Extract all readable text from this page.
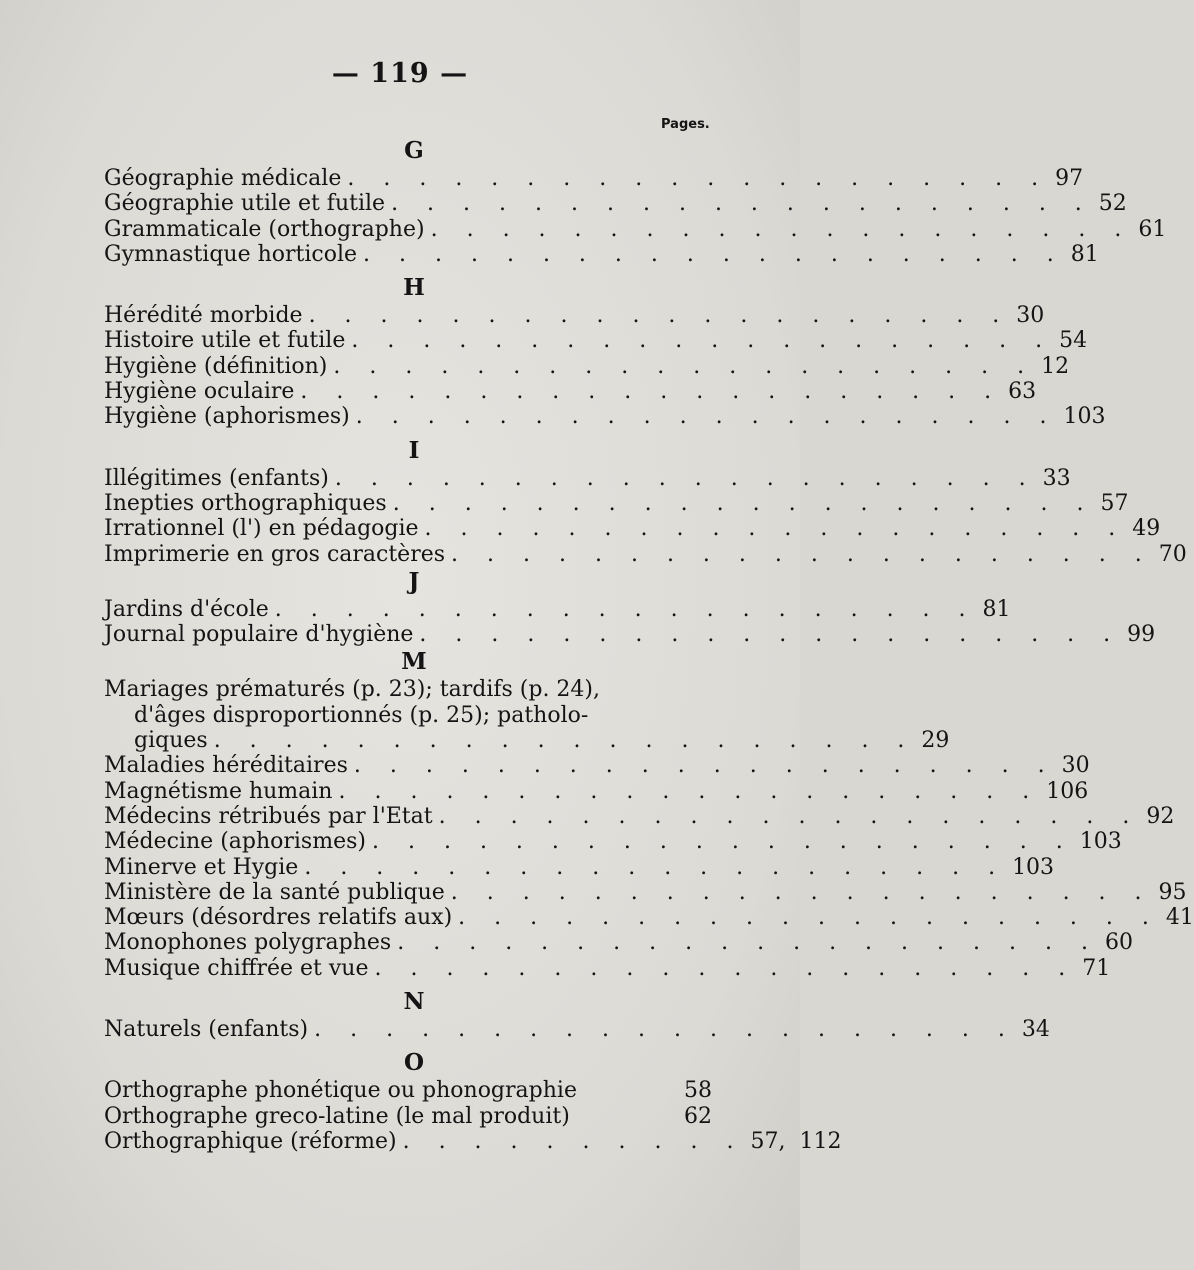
— 119 —
Pages.
G
Géographie médicale . . . . . . . . . . . . . . . . . . . . 97
Géographie utile et futile . . . . . . . . . . . . . . . . . . . . 52
Grammaticale (orthographe) . . . . . . . . . . . . . . . . . . . . 61
Gymnastique horticole . . . . . . . . . . . . . . . . . . . . 81
H
Hérédité morbide . . . . . . . . . . . . . . . . . . . . 30
Histoire utile et futile . . . . . . . . . . . . . . . . . . . . 54
Hygiène (définition) . . . . . . . . . . . . . . . . . . . . 12
Hygiène oculaire . . . . . . . . . . . . . . . . . . . . 63
Hygiène (aphorismes) . . . . . . . . . . . . . . . . . . . . 103
I
Illégitimes (enfants) . . . . . . . . . . . . . . . . . . . . 33
Inepties orthographiques . . . . . . . . . . . . . . . . . . . . 57
Irrationnel (l') en pédagogie . . . . . . . . . . . . . . . . . . . . 49
Imprimerie en gros caractères . . . . . . . . . . . . . . . . . . . . 70
J
Jardins d'école . . . . . . . . . . . . . . . . . . . . 81
Journal populaire d'hygiène . . . . . . . . . . . . . . . . . . . . 99
M
Mariages prématurés (p. 23); tardifs (p. 24),
d'âges disproportionnés (p. 25); patholo-
giques . . . . . . . . . . . . . . . . . . . . 29
Maladies héréditaires . . . . . . . . . . . . . . . . . . . . 30
Magnétisme humain . . . . . . . . . . . . . . . . . . . . 106
Médecins rétribués par l'Etat . . . . . . . . . . . . . . . . . . . . 92
Médecine (aphorismes) . . . . . . . . . . . . . . . . . . . . 103
Minerve et Hygie . . . . . . . . . . . . . . . . . . . . 103
Ministère de la santé publique . . . . . . . . . . . . . . . . . . . . 95
Mœurs (désordres relatifs aux) . . . . . . . . . . . . . . . . . . . . 41
Monophones polygraphes . . . . . . . . . . . . . . . . . . . . 60
Musique chiffrée et vue . . . . . . . . . . . . . . . . . . . . 71
N
Naturels (enfants) . . . . . . . . . . . . . . . . . . . . 34
O
Orthographe phonétique ou phonographie	58
Orthographe greco-latine (le mal produit)	62
Orthographique (réforme) . . . . . . . . . . 57, 112
